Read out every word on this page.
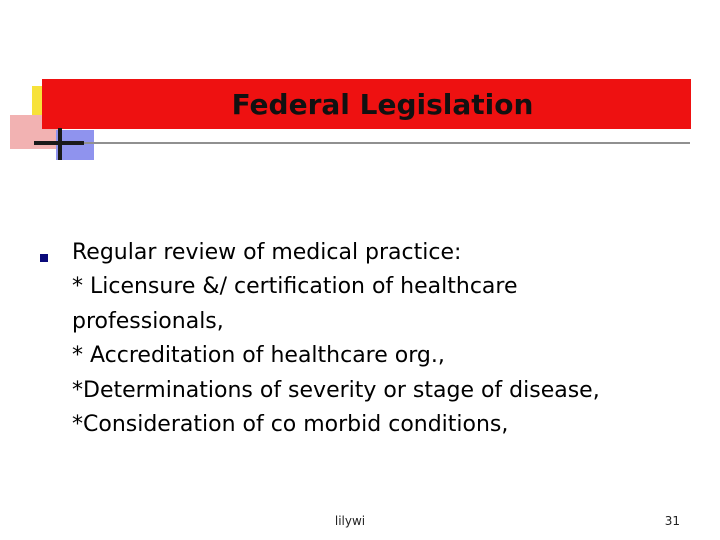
Federal Legislation
Regular review of medical practice:
* Licensure &/ certification of healthcare
professionals,
* Accreditation of healthcare org.,
*Determinations of severity or stage of disease,
*Consideration of co morbid conditions,
lilywi	31
